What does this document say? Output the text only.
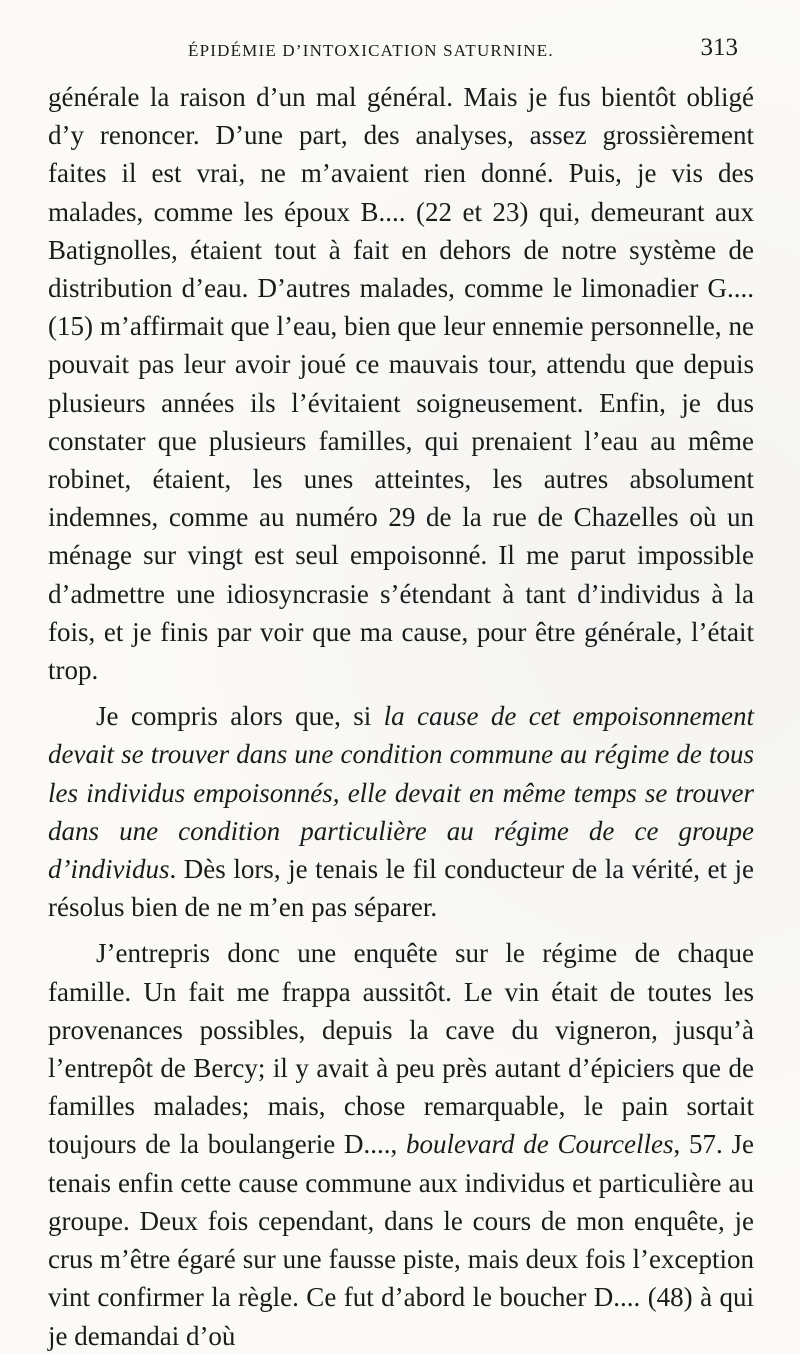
ÉPIDÉMIE D’INTOXICATION SATURNINE.	313

générale la raison d’un mal général. Mais je fus bientôt obligé d’y renoncer. D’une part, des analyses, assez grossièrement faites il est vrai, ne m’avaient rien donné. Puis, je vis des malades, comme les époux B.... (22 et 23) qui, demeurant aux Batignolles, étaient tout à fait en dehors de notre système de distribution d’eau. D’autres malades, comme le limonadier G.... (15) m’affirmait que l’eau, bien que leur ennemie personnelle, ne pouvait pas leur avoir joué ce mauvais tour, attendu que depuis plusieurs années ils l’évitaient soigneusement. Enfin, je dus constater que plusieurs familles, qui prenaient l’eau au même robinet, étaient, les unes atteintes, les autres absolument indemnes, comme au numéro 29 de la rue de Chazelles où un ménage sur vingt est seul empoisonné. Il me parut impossible d’admettre une idiosyncrasie s’étendant à tant d’individus à la fois, et je finis par voir que ma cause, pour être générale, l’était trop.

Je compris alors que, si la cause de cet empoisonnement devait se trouver dans une condition commune au régime de tous les individus empoisonnés, elle devait en même temps se trouver dans une condition particulière au régime de ce groupe d’individus. Dès lors, je tenais le fil conducteur de la vérité, et je résolus bien de ne m’en pas séparer.

J’entrepris donc une enquête sur le régime de chaque famille. Un fait me frappa aussitôt. Le vin était de toutes les provenances possibles, depuis la cave du vigneron, jusqu’à l’entrepôt de Bercy; il y avait à peu près autant d’épiciers que de familles malades; mais, chose remarquable, le pain sortait toujours de la boulangerie D...., boulevard de Courcelles, 57. Je tenais enfin cette cause commune aux individus et particulière au groupe. Deux fois cependant, dans le cours de mon enquête, je crus m’être égaré sur une fausse piste, mais deux fois l’exception vint confirmer la règle. Ce fut d’abord le boucher D.... (48) à qui je demandai d’où
